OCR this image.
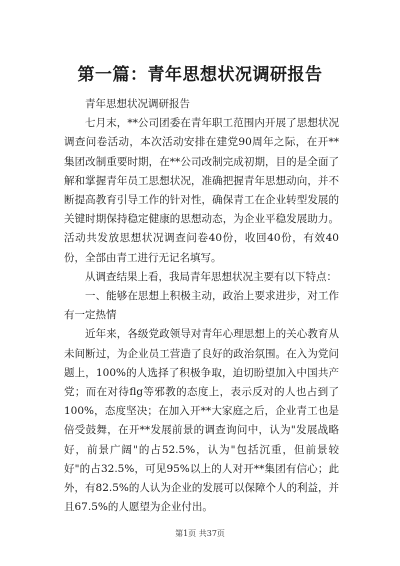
第一篇：青年思想状况调研报告

青年思想状况调研报告

七月末，**公司团委在青年职工范围内开展了思想状况调查问卷活动，本次活动安排在建党90周年之际，在开**集团改制重要时期，在**公司改制完成初期，目的是全面了解和掌握青年员工思想状况，准确把握青年思想动向，并不断提高教育引导工作的针对性，确保青工在企业转型发展的关键时期保持稳定健康的思想动态，为企业平稳发展助力。活动共发放思想状况调查问卷40份，收回40份，有效40份，全部由青工进行无记名填写。

从调查结果上看，我局青年思想状况主要有以下特点：

一、能够在思想上积极主动，政治上要求进步，对工作有一定热情

近年来，各级党政领导对青年心理思想上的关心教育从未间断过，为企业员工营造了良好的政治氛围。在入为党问题上，100%的人选择了积极争取，迫切盼望加入中国共产党；而在对待flg等邪教的态度上，表示反对的人也占到了100%，态度坚决；在加入开**大家庭之后，企业青工也是倍受鼓舞，在开**发展前景的调查询问中，认为"发展战略好，前景广阔"的占52.5%，认为"包括沉重，但前景较好"的占32.5%，可见95%以上的人对开**集团有信心；此外，有82.5%的人认为企业的发展可以保障个人的利益，并且67.5%的人愿望为企业付出。

第1页 共37页
